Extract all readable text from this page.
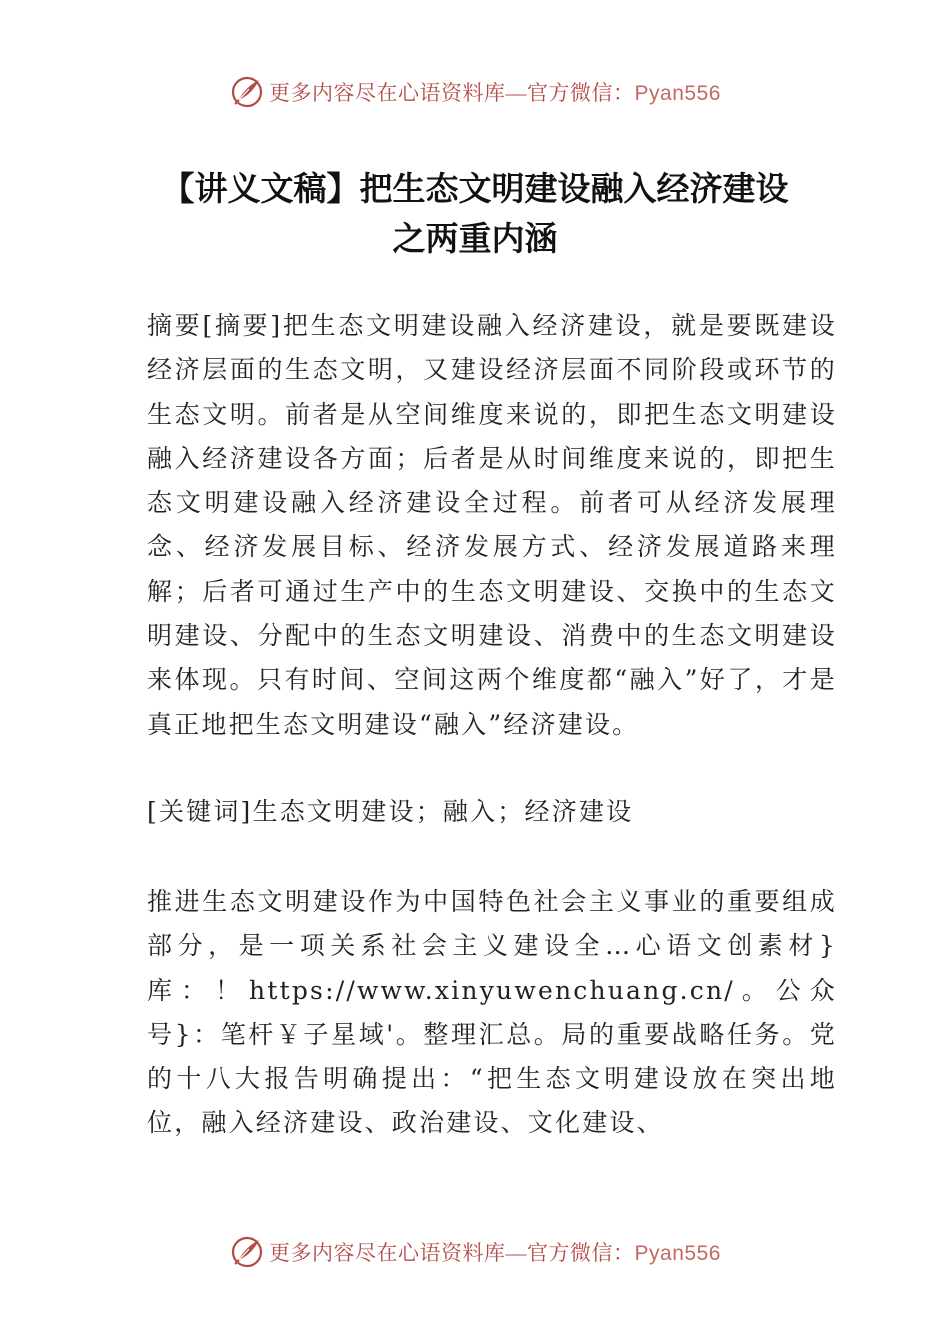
更多内容尽在心语资料库—官方微信：Pyan556
【讲义文稿】把生态文明建设融入经济建设
之两重内涵

摘要[摘要]把生态文明建设融入经济建设，就是要既建设经济层面的生态文明，又建设经济层面不同阶段或环节的生态文明。前者是从空间维度来说的，即把生态文明建设融入经济建设各方面；后者是从时间维度来说的，即把生态文明建设融入经济建设全过程。前者可从经济发展理念、经济发展目标、经济发展方式、经济发展道路来理解；后者可通过生产中的生态文明建设、交换中的生态文明建设、分配中的生态文明建设、消费中的生态文明建设来体现。只有时间、空间这两个维度都“融入”好了，才是真正地把生态文明建设“融入”经济建设。

[关键词]生态文明建设；融入；经济建设

推进生态文明建设作为中国特色社会主义事业的重要组成部分，是一项关系社会主义建设全…心语文创素材}库：！https://www.xinyuwenchuang.cn/。公众号}：笔杆￥子星域'。整理汇总。局的重要战略任务。党的十八大报告明确提出：“把生态文明建设放在突出地位，融入经济建设、政治建设、文化建设、

更多内容尽在心语资料库—官方微信：Pyan556
